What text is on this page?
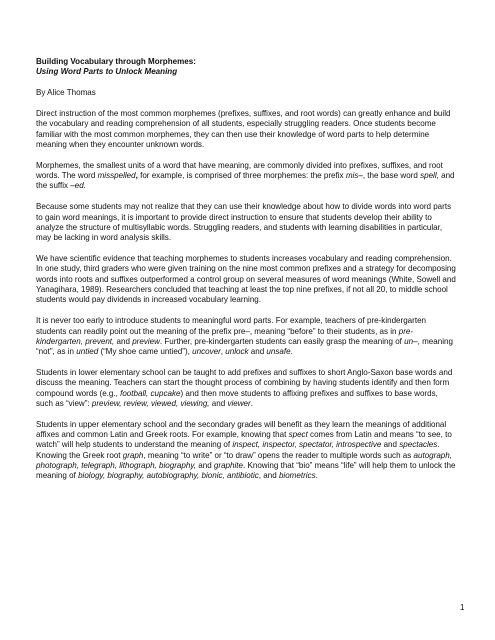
Building Vocabulary through Morphemes:
Using Word Parts to Unlock Meaning

By Alice Thomas

Direct instruction of the most common morphemes (prefixes, suffixes, and root words) can greatly enhance and build the vocabulary and reading comprehension of all students, especially struggling readers. Once students become familiar with the most common morphemes, they can then use their knowledge of word parts to help determine meaning when they encounter unknown words.

Morphemes, the smallest units of a word that have meaning, are commonly divided into prefixes, suffixes, and root words. The word misspelled, for example, is comprised of three morphemes: the prefix mis–, the base word spell, and the suffix –ed.

Because some students may not realize that they can use their knowledge about how to divide words into word parts to gain word meanings, it is important to provide direct instruction to ensure that students develop their ability to analyze the structure of multisyllabic words. Struggling readers, and students with learning disabilities in particular, may be lacking in word analysis skills.

We have scientific evidence that teaching morphemes to students increases vocabulary and reading comprehension. In one study, third graders who were given training on the nine most common prefixes and a strategy for decomposing words into roots and suffixes outperformed a control group on several measures of word meanings (White, Sowell and Yanagihara, 1989). Researchers concluded that teaching at least the top nine prefixes, if not all 20, to middle school students would pay dividends in increased vocabulary learning.

It is never too early to introduce students to meaningful word parts. For example, teachers of pre-kindergarten students can readily point out the meaning of the prefix pre–, meaning “before” to their students, as in pre-kindergarten, prevent, and preview. Further, pre-kindergarten students can easily grasp the meaning of un–, meaning “not”, as in untied (“My shoe came untied”), uncover, unlock and unsafe.

Students in lower elementary school can be taught to add prefixes and suffixes to short Anglo-Saxon base words and discuss the meaning. Teachers can start the thought process of combining by having students identify and then form compound words (e.g., football, cupcake) and then move students to affixing prefixes and suffixes to base words, such as “view”: preview, review, viewed, viewing, and viewer.

Students in upper elementary school and the secondary grades will benefit as they learn the meanings of additional affixes and common Latin and Greek roots. For example, knowing that spect comes from Latin and means “to see, to watch” will help students to understand the meaning of inspect, inspector, spectator, introspective and spectacles. Knowing the Greek root graph, meaning “to write” or “to draw” opens the reader to multiple words such as autograph, photograph, telegraph, lithograph, biography, and graphite. Knowing that “bio” means “life” will help them to unlock the meaning of biology, biography, autobiography, bionic, antibiotic, and biometrics.

1
